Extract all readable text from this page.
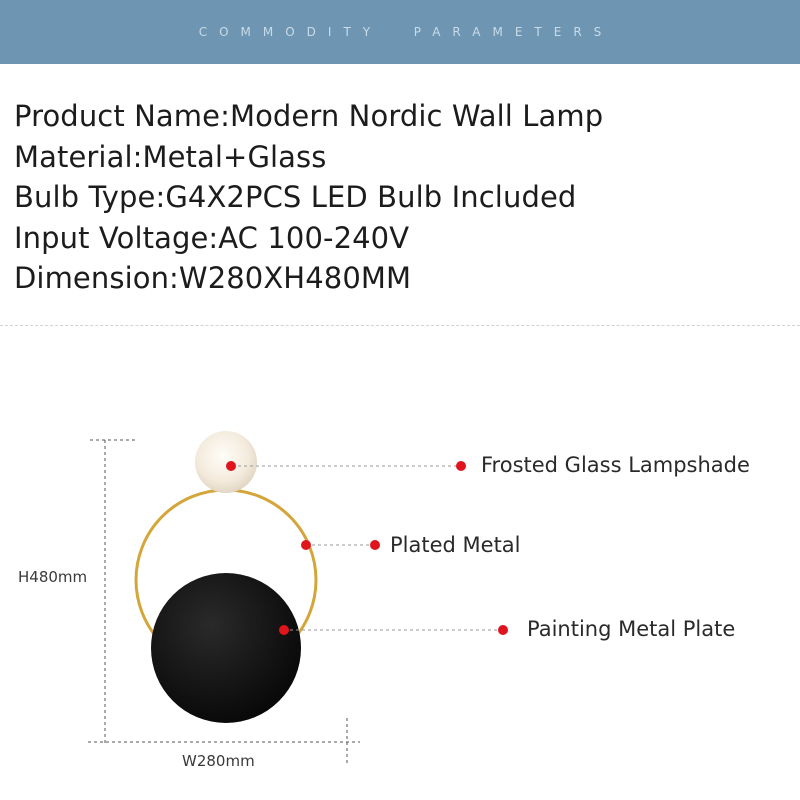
COMMODITY  PARAMETERS
Product Name:Modern Nordic Wall Lamp
Material:Metal+Glass
Bulb Type:G4X2PCS LED Bulb Included
Input Voltage:AC 100-240V
Dimension:W280XH480MM
Frosted Glass Lampshade
Plated Metal
Painting Metal Plate
H480mm
W280mm
